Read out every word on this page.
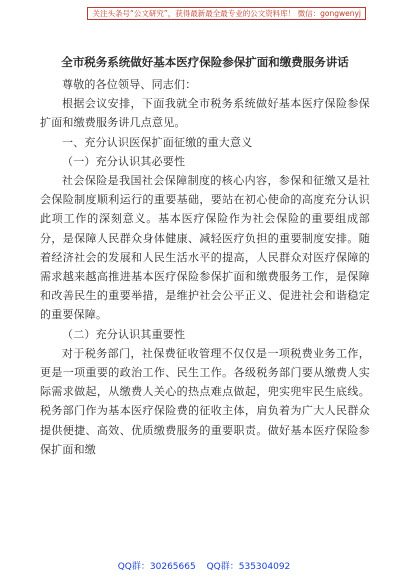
关注头条号“公文研究”，获得最新最全最专业的公文资料库！ 微信：gongwenyj
全市税务系统做好基本医疗保险参保扩面和缴费服务讲话

尊敬的各位领导、同志们：

根据会议安排，下面我就全市税务系统做好基本医疗保险参保扩面和缴费服务讲几点意见。

一、充分认识医保扩面征缴的重大意义

（一）充分认识其必要性

社会保险是我国社会保障制度的核心内容，参保和征缴又是社会保险制度顺利运行的重要基础，要站在初心使命的高度充分认识此项工作的深刻意义。基本医疗保险作为社会保险的重要组成部分，是保障人民群众身体健康、减轻医疗负担的重要制度安排。随着经济社会的发展和人民生活水平的提高，人民群众对医疗保障的需求越来越高推进基本医疗保险参保扩面和缴费服务工作，是保障和改善民生的重要举措，是维护社会公平正义、促进社会和谐稳定的重要保障。

（二）充分认识其重要性

对于税务部门，社保费征收管理不仅仅是一项税费业务工作，更是一项重要的政治工作、民生工作。各级税务部门要从缴费人实际需求做起，从缴费人关心的热点难点做起，兜实兜牢民生底线。税务部门作为基本医疗保险费的征收主体，肩负着为广大人民群众提供便捷、高效、优质缴费服务的重要职责。做好基本医疗保险参保扩面和缴

QQ群：30265665 QQ群：535304092
